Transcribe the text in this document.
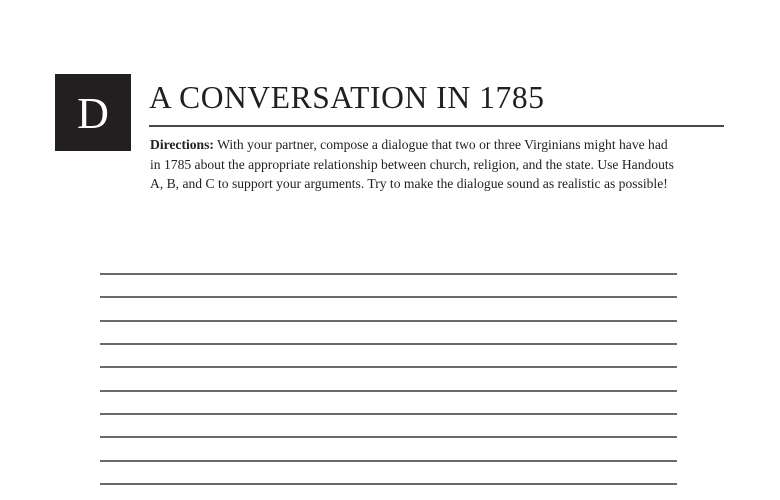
D A CONVERSATION IN 1785

Directions: With your partner, compose a dialogue that two or three Virginians might have had
in 1785 about the appropriate relationship between church, religion, and the state. Use Handouts
A, B, and C to support your arguments. Try to make the dialogue sound as realistic as possible!
